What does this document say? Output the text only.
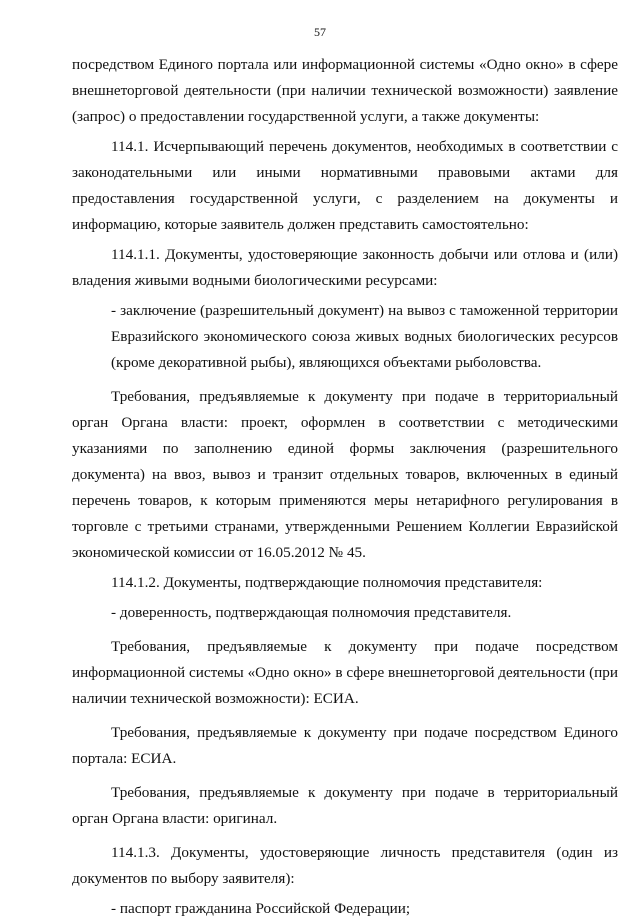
57

посредством Единого портала или информационной системы «Одно окно» в сфере внешнеторговой деятельности (при наличии технической возможности) заявление (запрос) о предоставлении государственной услуги, а также документы:

114.1. Исчерпывающий перечень документов, необходимых в соответствии с законодательными или иными нормативными правовыми актами для предоставления государственной услуги, с разделением на документы и информацию, которые заявитель должен представить самостоятельно:

114.1.1. Документы, удостоверяющие законность добычи или отлова и (или) владения живыми водными биологическими ресурсами:

- заключение (разрешительный документ) на вывоз с таможенной территории Евразийского экономического союза живых водных биологических ресурсов (кроме декоративной рыбы), являющихся объектами рыболовства.

Требования, предъявляемые к документу при подаче в территориальный орган Органа власти: проект, оформлен в соответствии с методическими указаниями по заполнению единой формы заключения (разрешительного документа) на ввоз, вывоз и транзит отдельных товаров, включенных в единый перечень товаров, к которым применяются меры нетарифного регулирования в торговле с третьими странами, утвержденными Решением Коллегии Евразийской экономической комиссии от 16.05.2012 № 45.

114.1.2. Документы, подтверждающие полномочия представителя:

- доверенность, подтверждающая полномочия представителя.

Требования, предъявляемые к документу при подаче посредством информационной системы «Одно окно» в сфере внешнеторговой деятельности (при наличии технической возможности): ЕСИА.

Требования, предъявляемые к документу при подаче посредством Единого портала: ЕСИА.

Требования, предъявляемые к документу при подаче в территориальный орган Органа власти: оригинал.

114.1.3. Документы, удостоверяющие личность представителя (один из документов по выбору заявителя):

- паспорт гражданина Российской Федерации;
